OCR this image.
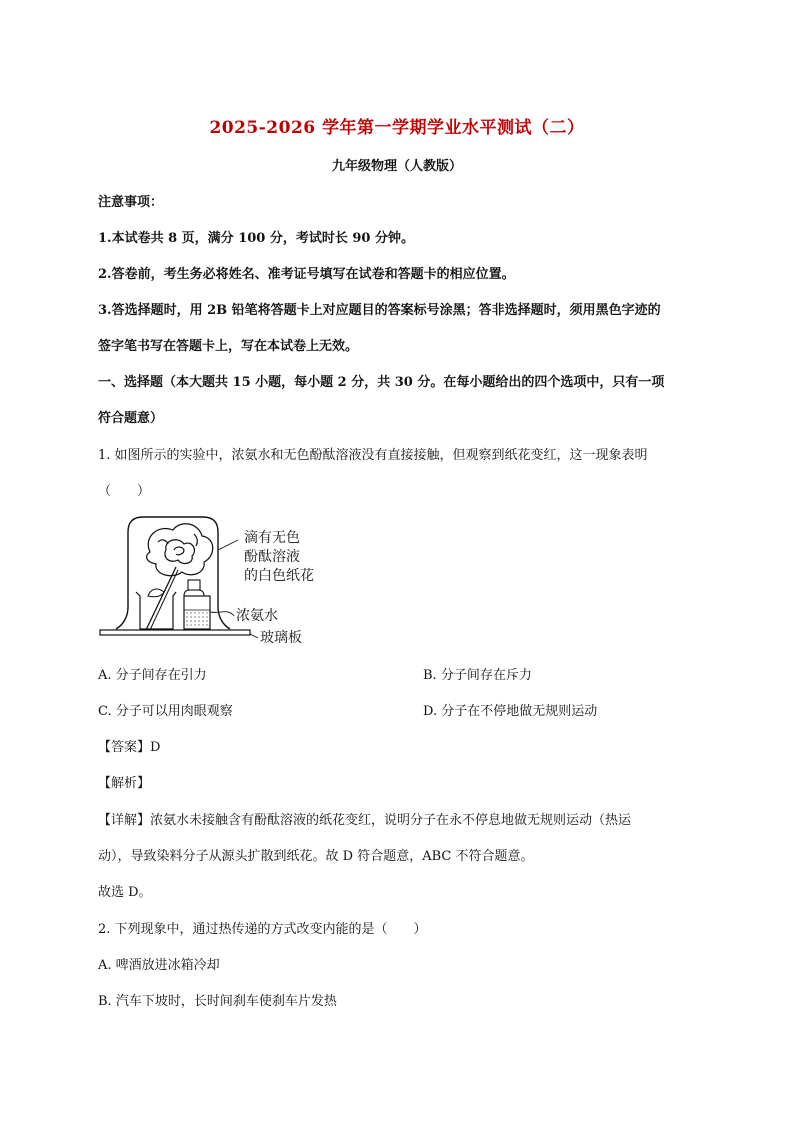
2025-2026 学年第一学期学业水平测试（二）
九年级物理（人教版）
注意事项：
1.本试卷共 8 页，满分 100 分，考试时长 90 分钟。
2.答卷前，考生务必将姓名、准考证号填写在试卷和答题卡的相应位置。
3.答选择题时，用 2B 铅笔将答题卡上对应题目的答案标号涂黑；答非选择题时，须用黑色字迹的
签字笔书写在答题卡上，写在本试卷上无效。
一、选择题（本大题共 15 小题，每小题 2 分，共 30 分。在每小题给出的四个选项中，只有一项
符合题意）
1. 如图所示的实验中，浓氨水和无色酚酞溶液没有直接接触，但观察到纸花变红，这一现象表明
（　　）
滴有无色
酚酞溶液
的白色纸花
浓氨水
玻璃板
A. 分子间存在引力	B. 分子间存在斥力
C. 分子可以用肉眼观察	D. 分子在不停地做无规则运动
【答案】D
【解析】
【详解】浓氨水未接触含有酚酞溶液的纸花变红，说明分子在永不停息地做无规则运动（热运
动），导致染料分子从源头扩散到纸花。故 D 符合题意，ABC 不符合题意。
故选 D。
2. 下列现象中，通过热传递的方式改变内能的是（　　）
A. 啤酒放进冰箱冷却
B. 汽车下坡时，长时间刹车使刹车片发热
